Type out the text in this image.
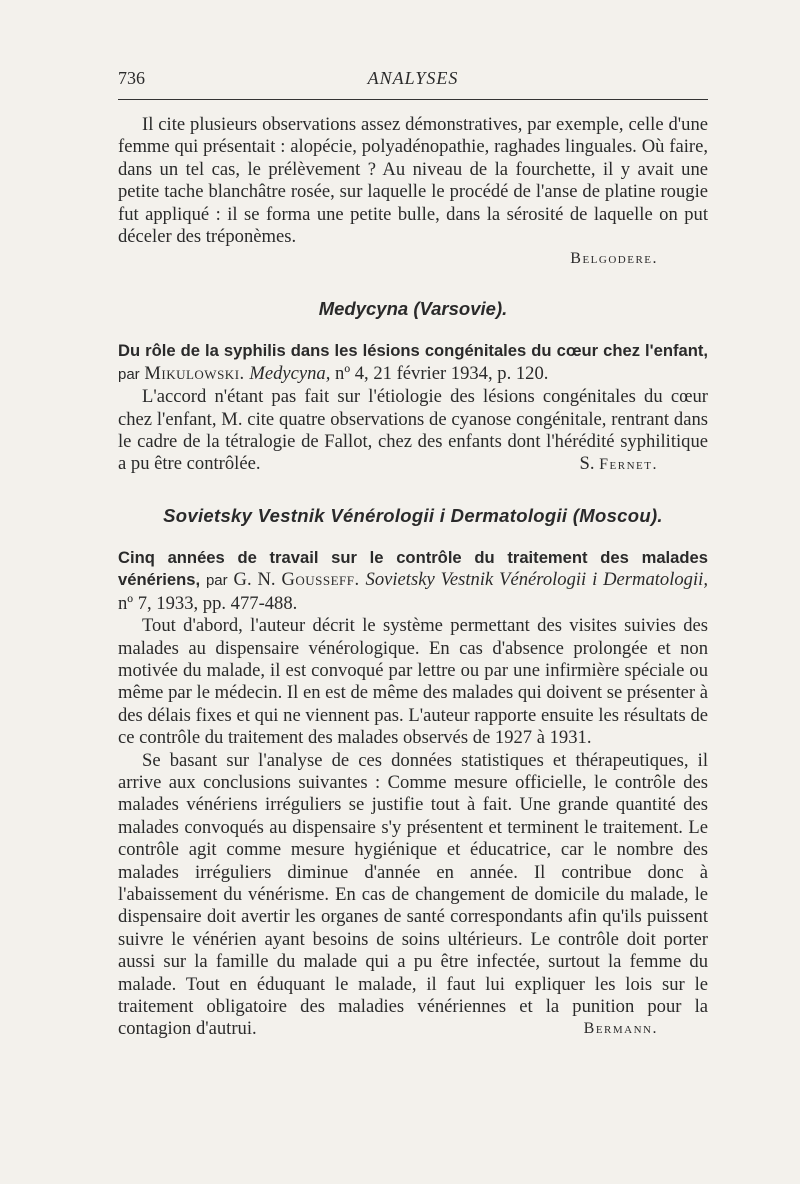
736	ANALYSES

Il cite plusieurs observations assez démonstratives, par exemple, celle d'une femme qui présentait : alopécie, polyadénopathie, raghades linguales. Où faire, dans un tel cas, le prélèvement ? Au niveau de la fourchette, il y avait une petite tache blanchâtre rosée, sur laquelle le procédé de l'anse de platine rougie fut appliqué : il se forma une petite bulle, dans la sérosité de laquelle on put déceler des tréponèmes.

Belgodere.
Medycyna (Varsovie).

Du rôle de la syphilis dans les lésions congénitales du cœur chez l'enfant, par Mikulowski. Medycyna, nº 4, 21 février 1934, p. 120.

L'accord n'étant pas fait sur l'étiologie des lésions congénitales du cœur chez l'enfant, M. cite quatre observations de cyanose congénitale, rentrant dans le cadre de la tétralogie de Fallot, chez des enfants dont l'hérédité syphilitique a pu être contrôlée.	S. Fernet.

Sovietsky Vestnik Vénérologii i Dermatologii (Moscou).

Cinq années de travail sur le contrôle du traitement des malades vénériens, par G. N. Gousseff. Sovietsky Vestnik Vénérologii i Dermatologii, nº 7, 1933, pp. 477-488.

Tout d'abord, l'auteur décrit le système permettant des visites suivies des malades au dispensaire vénérologique. En cas d'absence prolongée et non motivée du malade, il est convoqué par lettre ou par une infirmière spéciale ou même par le médecin. Il en est de même des malades qui doivent se présenter à des délais fixes et qui ne viennent pas. L'auteur rapporte ensuite les résultats de ce contrôle du traitement des malades observés de 1927 à 1931.

Se basant sur l'analyse de ces données statistiques et thérapeutiques, il arrive aux conclusions suivantes : Comme mesure officielle, le contrôle des malades vénériens irréguliers se justifie tout à fait. Une grande quantité des malades convoqués au dispensaire s'y présentent et terminent le traitement. Le contrôle agit comme mesure hygiénique et éducatrice, car le nombre des malades irréguliers diminue d'année en année. Il contribue donc à l'abaissement du vénérisme. En cas de changement de domicile du malade, le dispensaire doit avertir les organes de santé correspondants afin qu'ils puissent suivre le vénérien ayant besoins de soins ultérieurs. Le contrôle doit porter aussi sur la famille du malade qui a pu être infectée, surtout la femme du malade. Tout en éduquant le malade, il faut lui expliquer les lois sur le traitement obligatoire des maladies vénériennes et la punition pour la contagion d'autrui.	Bermann.
